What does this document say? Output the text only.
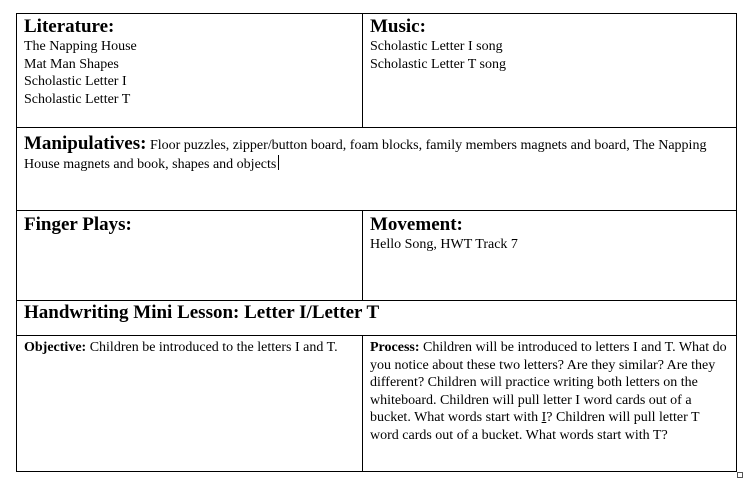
Literature:
The Napping House
Mat Man Shapes
Scholastic Letter I
Scholastic Letter T
Music:
Scholastic Letter I song
Scholastic Letter T song
Manipulatives: Floor puzzles, zipper/button board, foam blocks, family members magnets and board, The Napping House magnets and book, shapes and objects
Finger Plays:	Movement:
Hello Song, HWT Track 7
Handwriting Mini Lesson: Letter I/Letter T
Objective: Children be introduced to the letters I and T.	Process: Children will be introduced to letters I and T. What do you notice about these two letters? Are they similar? Are they different? Children will practice writing both letters on the whiteboard. Children will pull letter I word cards out of a bucket. What words start with I? Children will pull letter T word cards out of a bucket. What words start with T?
